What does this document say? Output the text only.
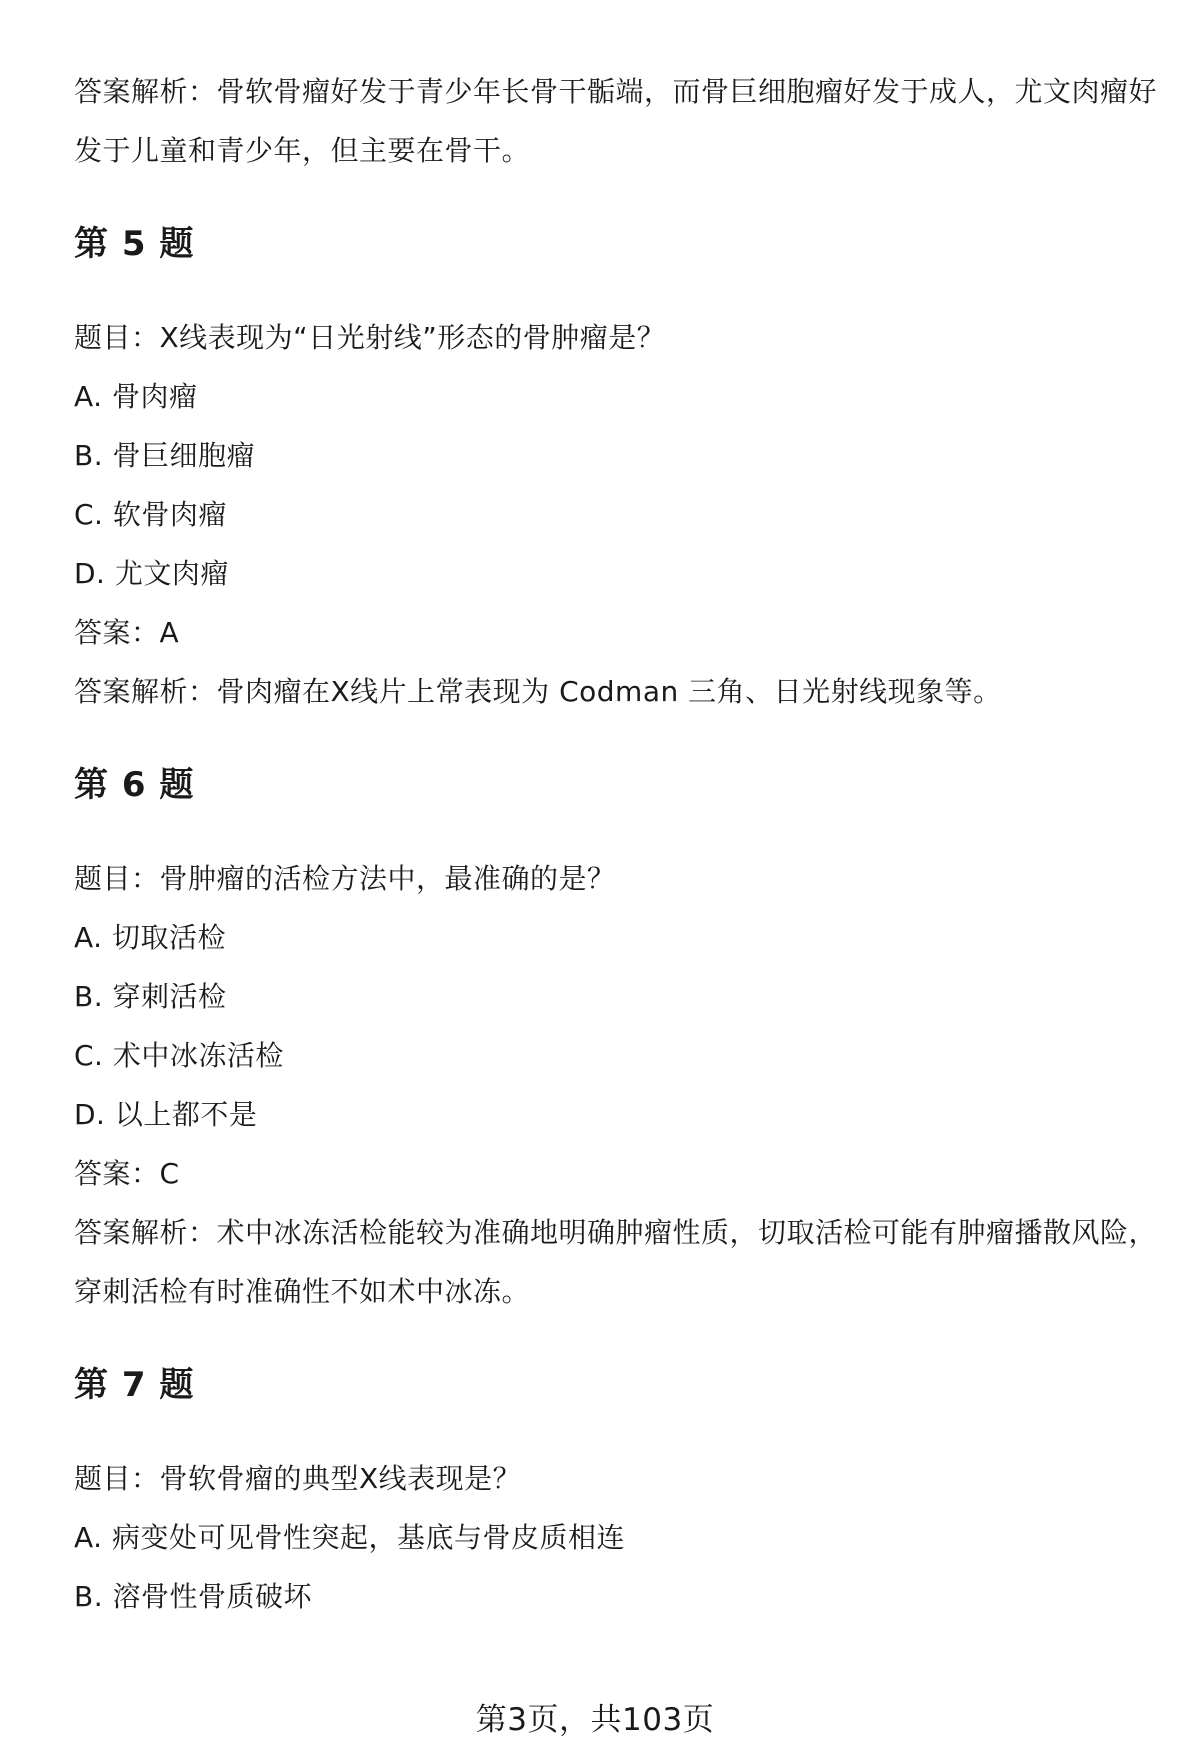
答案解析：骨软骨瘤好发于青少年长骨干骺端，而骨巨细胞瘤好发于成人，尤文肉瘤好发于儿童和青少年，但主要在骨干。

第 5 题

题目：X线表现为“日光射线”形态的骨肿瘤是？

A. 骨肉瘤

B. 骨巨细胞瘤

C. 软骨肉瘤

D. 尤文肉瘤

答案：A

答案解析：骨肉瘤在X线片上常表现为 Codman 三角、日光射线现象等。

第 6 题

题目：骨肿瘤的活检方法中，最准确的是？

A. 切取活检

B. 穿刺活检

C. 术中冰冻活检

D. 以上都不是

答案：C

答案解析：术中冰冻活检能较为准确地明确肿瘤性质，切取活检可能有肿瘤播散风险，穿刺活检有时准确性不如术中冰冻。

第 7 题

题目：骨软骨瘤的典型X线表现是？

A. 病变处可见骨性突起，基底与骨皮质相连

B. 溶骨性骨质破坏

第3页，共103页
